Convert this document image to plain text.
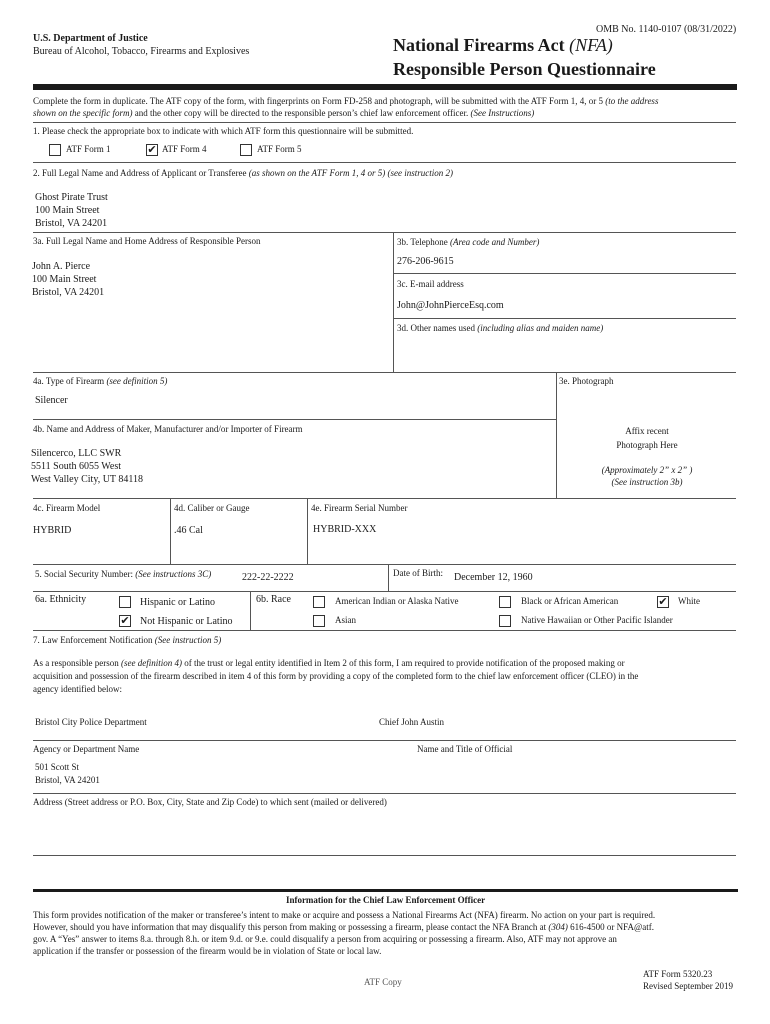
OMB No. 1140-0107 (08/31/2022)
U.S. Department of Justice
Bureau of Alcohol, Tobacco, Firearms and Explosives	National Firearms Act (NFA)
Responsible Person Questionnaire
Complete the form in duplicate. The ATF copy of the form, with fingerprints on Form FD-258 and photograph, will be submitted with the ATF Form 1, 4, or 5 (to the address
shown on the specific form) and the other copy will be directed to the responsible person’s chief law enforcement officer. (See Instructions)
1. Please check the appropriate box to indicate with which ATF form this questionnaire will be submitted.
ATF Form 1	✔ ATF Form 4	ATF Form 5
2. Full Legal Name and Address of Applicant or Transferee (as shown on the ATF Form 1, 4 or 5) (see instruction 2)
Ghost Pirate Trust
100 Main Street
Bristol, VA 24201
3a. Full Legal Name and Home Address of Responsible Person
John A. Pierce
100 Main Street
Bristol, VA 24201
3b. Telephone (Area code and Number)
276-206-9615
3c. E-mail address
John@JohnPierceEsq.com
3d. Other names used (including alias and maiden name)
4a. Type of Firearm (see definition 5)
Silencer
3e. Photograph
4b. Name and Address of Maker, Manufacturer and/or Importer of Firearm
Silencerco, LLC SWR
5511 South 6055 West
West Valley City, UT 84118
Affix recent
Photograph Here
(Approximately 2” x 2” )
(See instruction 3b)
4c. Firearm Model
HYBRID
4d. Caliber or Gauge
.46 Cal
4e. Firearm Serial Number
HYBRID-XXX
5. Social Security Number: (See instructions 3C)	222-22-2222	Date of Birth: December 12, 1960
6a. Ethnicity	Hispanic or Latino
✔ Not Hispanic or Latino
6b. Race	American Indian or Alaska Native	Black or African American	✔ White
Asian	Native Hawaiian or Other Pacific Islander
7. Law Enforcement Notification (See instruction 5)
As a responsible person (see definition 4) of the trust or legal entity identified in Item 2 of this form, I am required to provide notification of the proposed making or
acquisition and possession of the firearm described in item 4 of this form by providing a copy of the completed form to the chief law enforcement officer (CLEO) in the
agency identified below:
Bristol City Police Department	Chief John Austin
Agency or Department Name	Name and Title of Official
501 Scott St
Bristol, VA 24201
Address (Street address or P.O. Box, City, State and Zip Code) to which sent (mailed or delivered)
Information for the Chief Law Enforcement Officer
This form provides notification of the maker or transferee’s intent to make or acquire and possess a National Firearms Act (NFA) firearm. No action on your part is required.
However, should you have information that may disqualify this person from making or possessing a firearm, please contact the NFA Branch at (304) 616-4500 or NFA@atf.
gov. A “Yes” answer to items 8.a. through 8.h. or item 9.d. or 9.e. could disqualify a person from acquiring or possessing a firearm. Also, ATF may not approve an
application if the transfer or possession of the firearm would be in violation of State or local law.
ATF Copy
ATF Form 5320.23
Revised September 2019
